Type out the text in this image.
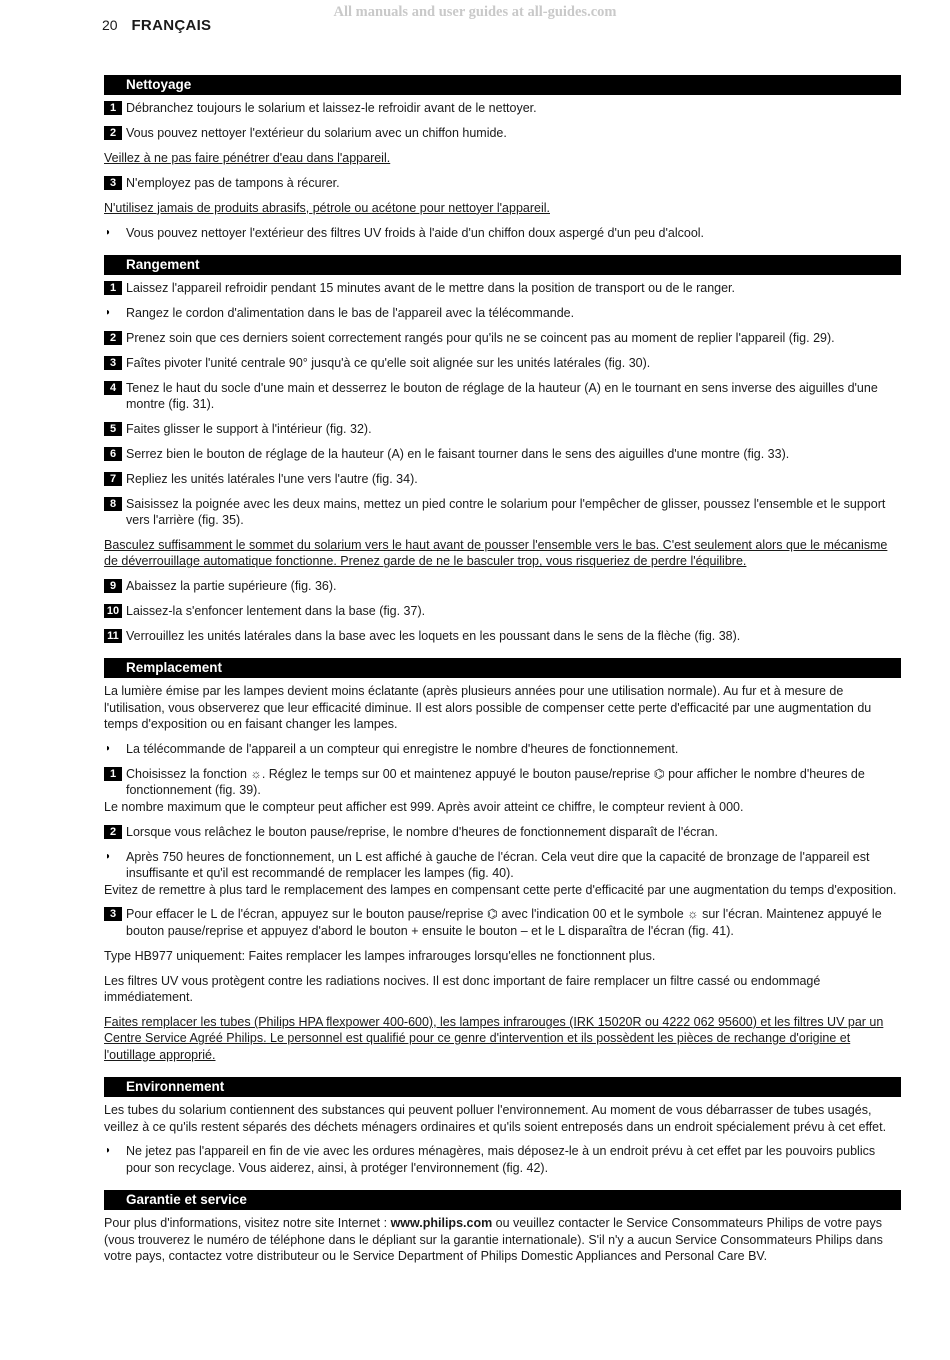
All manuals and user guides at all-guides.com
20 FRANÇAIS
Nettoyage
1 Débranchez toujours le solarium et laissez-le refroidir avant de le nettoyer.
2 Vous pouvez nettoyer l'extérieur du solarium avec un chiffon humide.
Veillez à ne pas faire pénétrer d'eau dans l'appareil.
3 N'employez pas de tampons à récurer.
N'utilisez jamais de produits abrasifs, pétrole ou acétone pour nettoyer l'appareil.
◗ Vous pouvez nettoyer l'extérieur des filtres UV froids à l'aide d'un chiffon doux aspergé d'un peu d'alcool.
Rangement
1 Laissez l'appareil refroidir pendant 15 minutes avant de le mettre dans la position de transport ou de le ranger.
◗ Rangez le cordon d'alimentation dans le bas de l'appareil avec la télécommande.
2 Prenez soin que ces derniers soient correctement rangés pour qu'ils ne se coincent pas au moment de replier l'appareil (fig. 29).
3 Faîtes pivoter l'unité centrale 90° jusqu'à ce qu'elle soit alignée sur les unités latérales (fig. 30).
4 Tenez le haut du socle d'une main et desserrez le bouton de réglage de la hauteur (A) en le tournant en sens inverse des aiguilles d'une montre (fig. 31).
5 Faites glisser le support à l'intérieur (fig. 32).
6 Serrez bien le bouton de réglage de la hauteur (A) en le faisant tourner dans le sens des aiguilles d'une montre (fig. 33).
7 Repliez les unités latérales l'une vers l'autre (fig. 34).
8 Saisissez la poignée avec les deux mains, mettez un pied contre le solarium pour l'empêcher de glisser, poussez l'ensemble et le support vers l'arrière (fig. 35).
Basculez suffisamment le sommet du solarium vers le haut avant de pousser l'ensemble vers le bas. C'est seulement alors que le mécanisme de déverrouillage automatique fonctionne. Prenez garde de ne le basculer trop, vous risqueriez de perdre l'équilibre.
9 Abaissez la partie supérieure (fig. 36).
10 Laissez-la s'enfoncer lentement dans la base (fig. 37).
11 Verrouillez les unités latérales dans la base avec les loquets en les poussant dans le sens de la flèche (fig. 38).
Remplacement
La lumière émise par les lampes devient moins éclatante (après plusieurs années pour une utilisation normale). Au fur et à mesure de l'utilisation, vous observerez que leur efficacité diminue. Il est alors possible de compenser cette perte d'efficacité par une augmentation du temps d'exposition ou en faisant changer les lampes.
◗ La télécommande de l'appareil a un compteur qui enregistre le nombre d'heures de fonctionnement.
1 Choisissez la fonction ☼. Réglez le temps sur 00 et maintenez appuyé le bouton pause/reprise ⌬ pour afficher le nombre d'heures de fonctionnement (fig. 39).
Le nombre maximum que le compteur peut afficher est 999. Après avoir atteint ce chiffre, le compteur revient à 000.
2 Lorsque vous relâchez le bouton pause/reprise, le nombre d'heures de fonctionnement disparaît de l'écran.
◗ Après 750 heures de fonctionnement, un L est affiché à gauche de l'écran. Cela veut dire que la capacité de bronzage de l'appareil est insuffisante et qu'il est recommandé de remplacer les lampes (fig. 40).
Evitez de remettre à plus tard le remplacement des lampes en compensant cette perte d'efficacité par une augmentation du temps d'exposition.
3 Pour effacer le L de l'écran, appuyez sur le bouton pause/reprise ⌬ avec l'indication 00 et le symbole ☼ sur l'écran. Maintenez appuyé le bouton pause/reprise et appuyez d'abord le bouton + ensuite le bouton – et le L disparaîtra de l'écran (fig. 41).
Type HB977 uniquement: Faites remplacer les lampes infrarouges lorsqu'elles ne fonctionnent plus.
Les filtres UV vous protègent contre les radiations nocives. Il est donc important de faire remplacer un filtre cassé ou endommagé immédiatement.
Faites remplacer les tubes (Philips HPA flexpower 400-600), les lampes infrarouges (IRK 15020R ou 4222 062 95600) et les filtres UV par un Centre Service Agréé Philips. Le personnel est qualifié pour ce genre d'intervention et ils possèdent les pièces de rechange d'origine et l'outillage approprié.
Environnement
Les tubes du solarium contiennent des substances qui peuvent polluer l'environnement. Au moment de vous débarrasser de tubes usagés, veillez à ce qu'ils restent séparés des déchets ménagers ordinaires et qu'ils soient entreposés dans un endroit spécialement prévu à cet effet.
◗ Ne jetez pas l'appareil en fin de vie avec les ordures ménagères, mais déposez-le à un endroit prévu à cet effet par les pouvoirs publics pour son recyclage. Vous aiderez, ainsi, à protéger l'environnement (fig. 42).
Garantie et service
Pour plus d'informations, visitez notre site Internet : www.philips.com ou veuillez contacter le Service Consommateurs Philips de votre pays (vous trouverez le numéro de téléphone dans le dépliant sur la garantie internationale). S'il n'y a aucun Service Consommateurs Philips dans votre pays, contactez votre distributeur ou le Service Department of Philips Domestic Appliances and Personal Care BV.
